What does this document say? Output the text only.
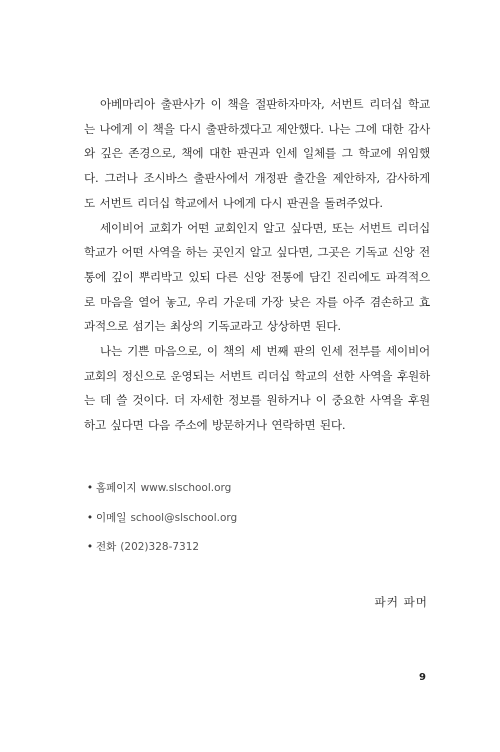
아베마리아 출판사가 이 책을 절판하자마자, 서번트 리더십 학교는 나에게 이 책을 다시 출판하겠다고 제안했다. 나는 그에 대한 감사와 깊은 존경으로, 책에 대한 판권과 인세 일체를 그 학교에 위임했다. 그러나 조시바스 출판사에서 개정판 출간을 제안하자, 감사하게도 서번트 리더십 학교에서 나에게 다시 판권을 돌려주었다.

세이비어 교회가 어떤 교회인지 알고 싶다면, 또는 서번트 리더십 학교가 어떤 사역을 하는 곳인지 알고 싶다면, 그곳은 기독교 신앙 전통에 깊이 뿌리박고 있되 다른 신앙 전통에 담긴 진리에도 파격적으로 마음을 열어 놓고, 우리 가운데 가장 낮은 자를 아주 겸손하고 효과적으로 섬기는 최상의 기독교라고 상상하면 된다.

나는 기쁜 마음으로, 이 책의 세 번째 판의 인세 전부를 세이비어 교회의 정신으로 운영되는 서번트 리더십 학교의 선한 사역을 후원하는 데 쓸 것이다. 더 자세한 정보를 원하거나 이 중요한 사역을 후원하고 싶다면 다음 주소에 방문하거나 연락하면 된다.

• 홈페이지 www.slschool.org
• 이메일 school@slschool.org
• 전화 (202)328-7312
파커 파머
9
